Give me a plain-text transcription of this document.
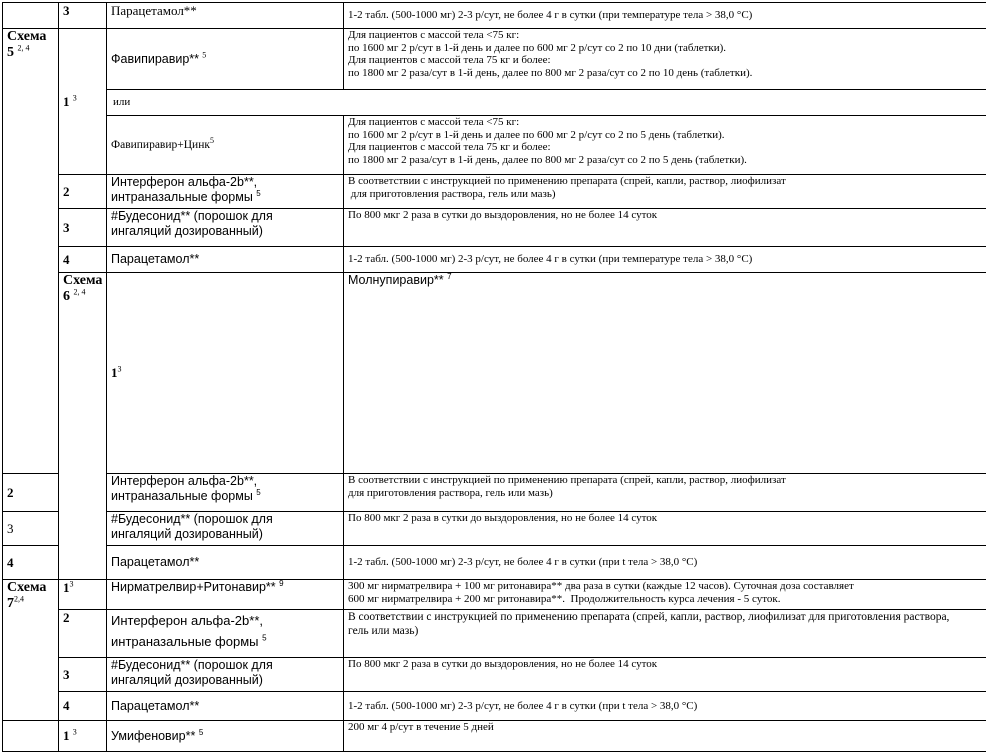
	3	Парацетамол**	1-2 табл. (500-1000 мг) 2-3 р/сут, не более 4 г в сутки (при температуре тела > 38,0 °С)	
Схема
5 $^{2, 4}$	1 $^3$	Фавипиравир** $^5$	Для пациентов с массой тела <75 кг:
по 1600 мг 2 р/сут в 1-й день и далее по 600 мг 2 р/сут со 2 по 10 дни (таблетки).
Для пациентов с массой тела 75 кг и более:
по 1800 мг 2 раза/сут в 1-й день, далее по 800 мг 2 раза/сут со 2 по 10 день (таблетки).	

		или		
		Фавипиравир+Цинк$^5$	Для пациентов с массой тела <75 кг:
по 1600 мг 2 р/сут в 1-й день и далее по 600 мг 2 р/сут со 2 по 5 день (таблетки).
Для пациентов с массой тела 75 кг и более:
по 1800 мг 2 раза/сут в 1-й день, далее по 800 мг 2 раза/сут со 2 по 5 день (таблетки).	

	2	Интерферон альфа-2b**,
интраназальные формы $^5$	В соответствии с инструкцией по применению препарата (спрей, капли, раствор, лиофилизат
для приготовления раствора, гель или мазь)	

	3	#Будесонид** (порошок для
ингаляций дозированный)	По 800 мкг 2 раза в сутки до выздоровления, но не более 14 суток	
	4	Парацетамол**	1-2 табл. (500-1000 мг) 2-3 р/сут, не более 4 г в сутки (при температуре тела > 38,0 °С)	
	Схема
6 $^{2, 4}$	$1^3$	Молнупиравир** $^7$	
2		Интерферон альфа-2b**,
интраназальные формы $^5$	В соответствии с инструкцией по применению препарата (спрей, капли, раствор, лиофилизат
для приготовления раствора, гель или мазь)	

3		#Будесонид** (порошок для
ингаляций дозированный)	По 800 мкг 2 раза в сутки до выздоровления, но не более 14 суток	
4		Парацетамол**	1-2 табл. (500-1000 мг) 2-3 р/сут, не более 4 г в сутки (при t тела > 38,0 °С)	
Схема
7$^{2,4}$	$1^3$	Нирматрелвир+Ритонавир** $^9$	300 мг нирматрелвира + 100 мг ритонавира** два раза в сутки (каждые 12 часов). Суточная доза составляет
600 мг нирматрелвира + 200 мг ритонавира**.  Продолжительность курса лечения - 5 суток.	

	2	Интерферон альфа-2b**,
интраназальные формы $^5$	В соответствии с инструкцией по применению препарата (спрей, капли, раствор, лиофилизат для приготовления раствора,
гель или мазь)	

	3	#Будесонид** (порошок для
ингаляций дозированный)	По 800 мкг 2 раза в сутки до выздоровления, но не более 14 суток	
	4	Парацетамол**	1-2 табл. (500-1000 мг) 2-3 р/сут, не более 4 г в сутки (при t тела > 38,0 °С)	
	1 $^3$	Умифеновир** $^5$	200 мг 4 р/сут в течение 5 дней	
